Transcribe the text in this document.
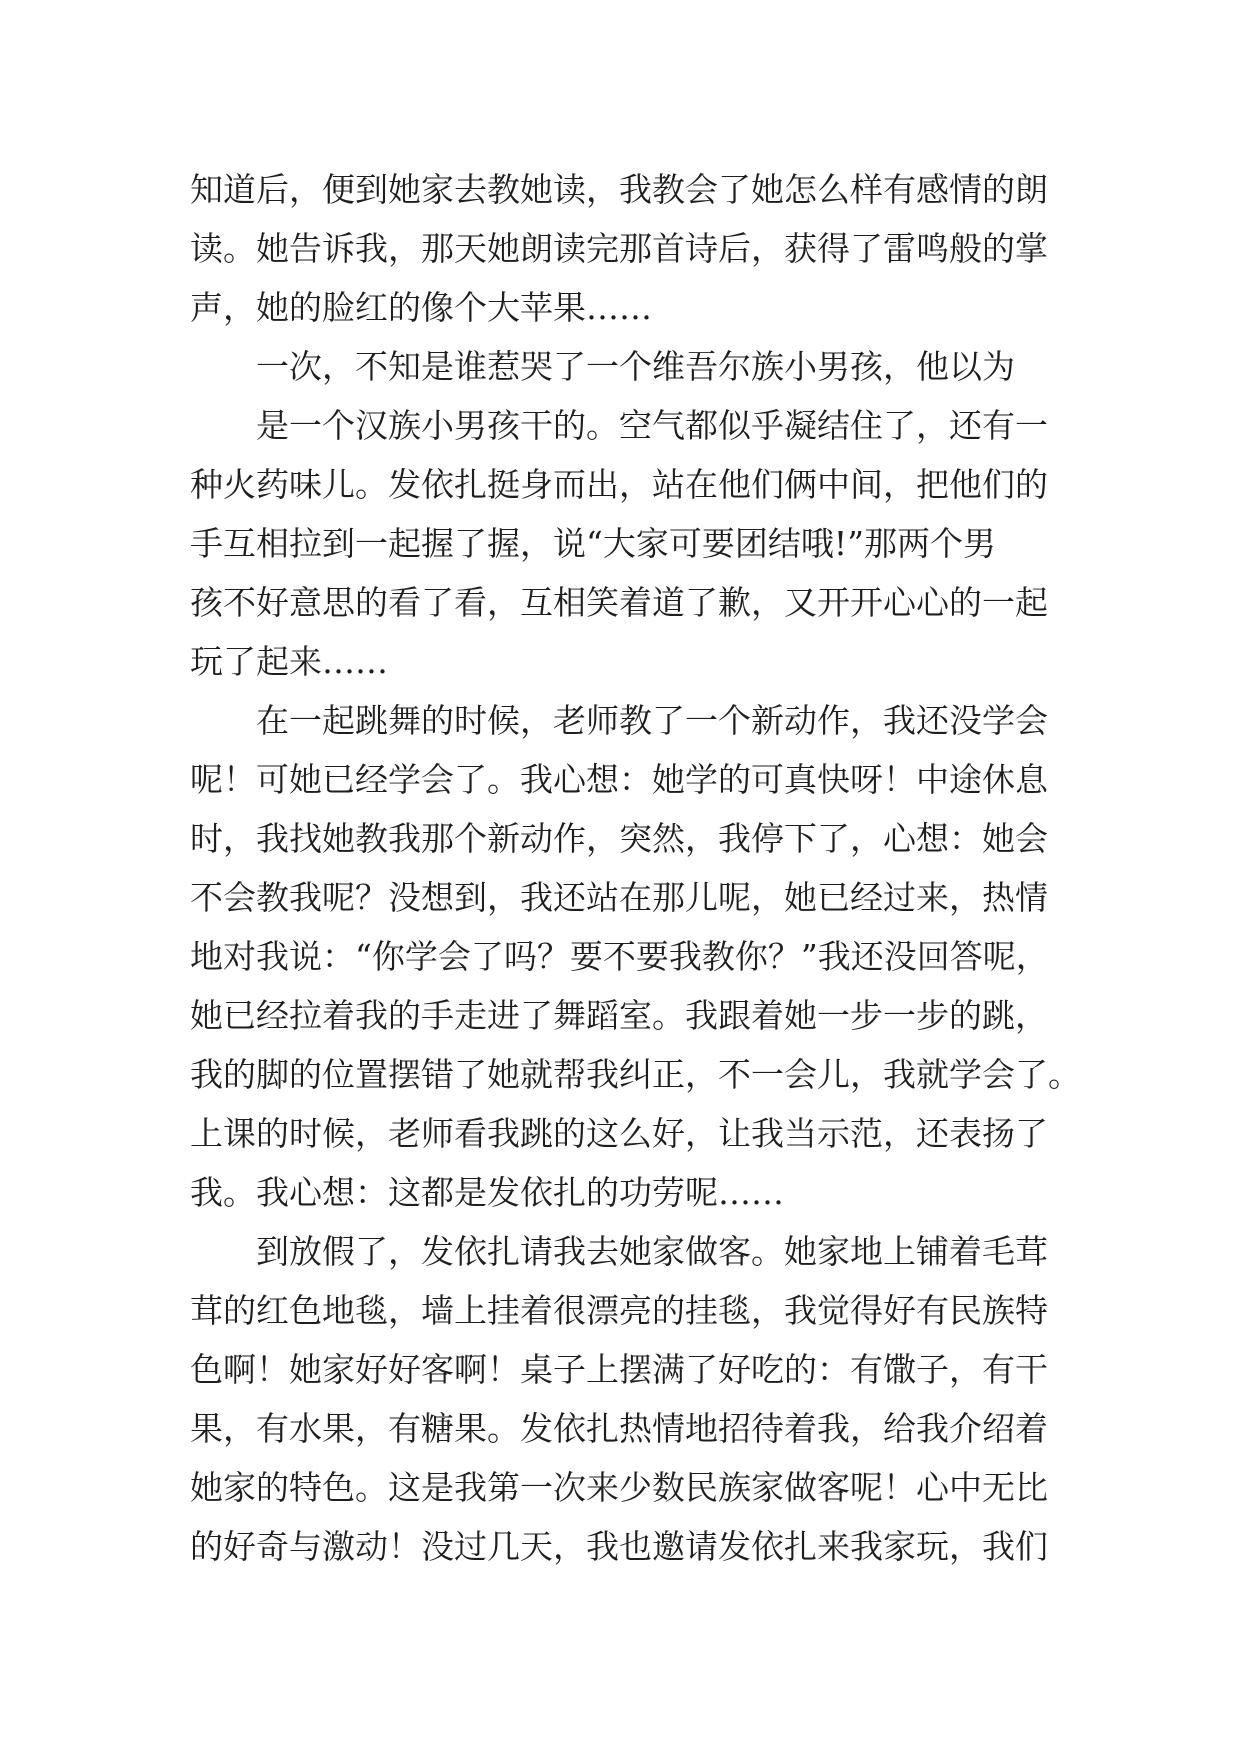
知道后，便到她家去教她读，我教会了她怎么样有感情的朗
读。她告诉我，那天她朗读完那首诗后，获得了雷鸣般的掌
声，她的脸红的像个大苹果……
一次，不知是谁惹哭了一个维吾尔族小男孩，他以为
是一个汉族小男孩干的。空气都似乎凝结住了，还有一
种火药味儿。发依扎挺身而出，站在他们俩中间，把他们的
手互相拉到一起握了握，说“大家可要团结哦!”那两个男
孩不好意思的看了看，互相笑着道了歉，又开开心心的一起
玩了起来……
在一起跳舞的时候，老师教了一个新动作，我还没学会
呢！可她已经学会了。我心想：她学的可真快呀！中途休息
时，我找她教我那个新动作，突然，我停下了，心想：她会
不会教我呢？没想到，我还站在那儿呢，她已经过来，热情
地对我说：“你学会了吗？要不要我教你？”我还没回答呢，
她已经拉着我的手走进了舞蹈室。我跟着她一步一步的跳，
我的脚的位置摆错了她就帮我纠正，不一会儿，我就学会了。
上课的时候，老师看我跳的这么好，让我当示范，还表扬了
我。我心想：这都是发依扎的功劳呢……
到放假了，发依扎请我去她家做客。她家地上铺着毛茸
茸的红色地毯，墙上挂着很漂亮的挂毯，我觉得好有民族特
色啊！她家好好客啊！桌子上摆满了好吃的：有馓子，有干
果，有水果，有糖果。发依扎热情地招待着我，给我介绍着
她家的特色。这是我第一次来少数民族家做客呢！心中无比
的好奇与激动！没过几天，我也邀请发依扎来我家玩，我们
